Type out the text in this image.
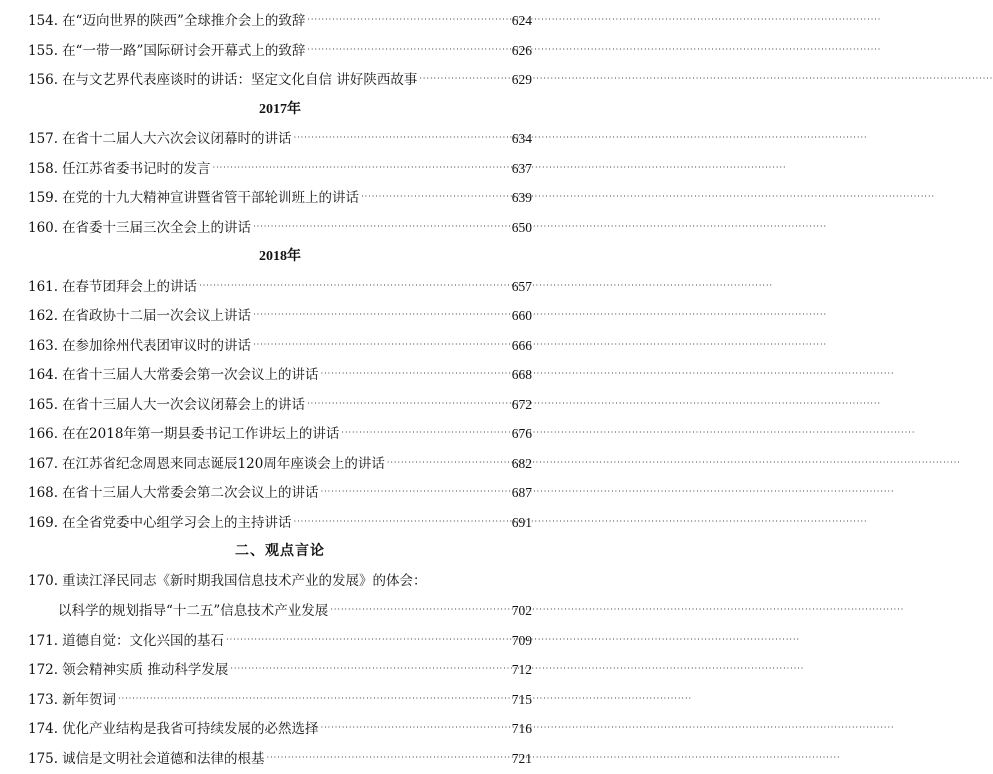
154. 在“迈向世界的陕西”全球推介会上的致辞 ·····	624
155. 在“一带一路”国际研讨会开幕式上的致辞 ·····	626
156. 在与文艺界代表座谈时的讲话：坚定文化自信 讲好陕西故事 ·····	629
2017年
157. 在省十二届人大六次会议闭幕时的讲话 ·····	634
158. 任江苏省委书记时的发言 ·····	637
159. 在党的十九大精神宣讲暨省管干部轮训班上的讲话 ·····	639
160. 在省委十三届三次全会上的讲话 ·····	650
2018年
161. 在春节团拜会上的讲话 ·····	657
162. 在省政协十二届一次会议上讲话 ·····	660
163. 在参加徐州代表团审议时的讲话 ·····	666
164. 在省十三届人大常委会第一次会议上的讲话 ·····	668
165. 在省十三届人大一次会议闭幕会上的讲话 ·····	672
166. 在在2018年第一期县委书记工作讲坛上的讲话 ·····	676
167. 在江苏省纪念周恩来同志诞辰120周年座谈会上的讲话 ·····	682
168. 在省十三届人大常委会第二次会议上的讲话 ·····	687
169. 在全省党委中心组学习会上的主持讲话 ·····	691
二、观点言论
170. 重读江泽民同志《新时期我国信息技术产业的发展》的体会：
以科学的规划指导“十二五”信息技术产业发展 ·····	702
171. 道德自觉：文化兴国的基石 ·····	709
172. 领会精神实质 推动科学发展 ·····	712
173. 新年贺词 ·····	715
174. 优化产业结构是我省可持续发展的必然选择 ·····	716
175. 诚信是文明社会道德和法律的根基 ·····	721
